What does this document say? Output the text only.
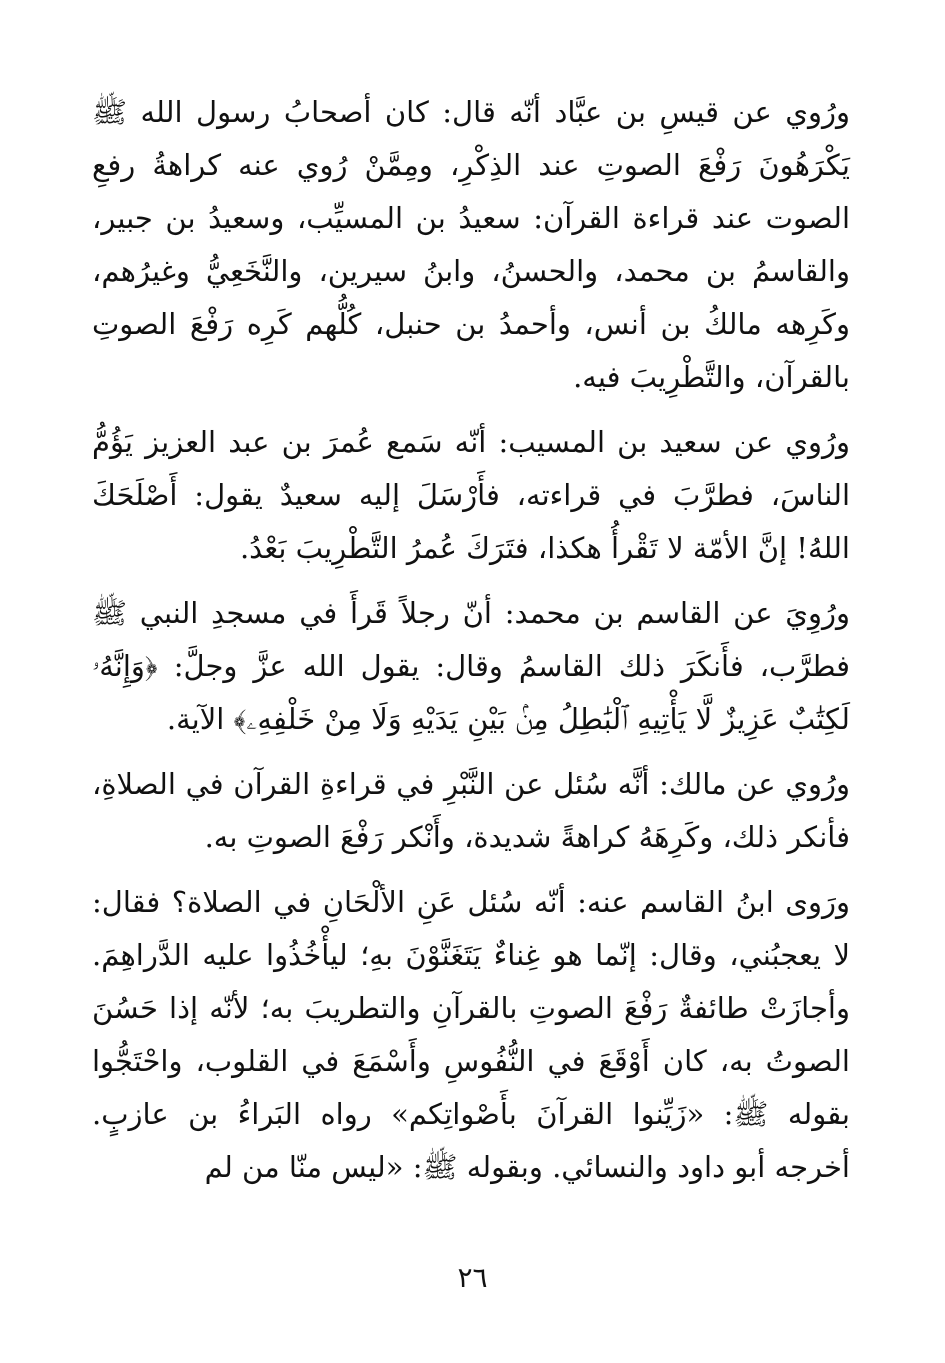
ورُوي عن قيسِ بن عبَّاد أنّه قال: كان أصحابُ رسول الله ﷺ يَكْرَهُونَ رَفْعَ الصوتِ عند الذِكْرِ، ومِمَّنْ رُوي عنه كراهةُ رفعِ الصوت عند قراءة القرآن: سعيدُ بن المسيِّب، وسعيدُ بن جبير، والقاسمُ بن محمد، والحسنُ، وابنُ سيرين، والنَّخَعِيُّ وغيرُهم، وكَرِهه مالكُ بن أنس، وأحمدُ بن حنبل، كُلُّهم كَرِه رَفْعَ الصوتِ بالقرآن، والتَّطْرِيبَ فيه.

ورُوي عن سعيد بن المسيب: أنّه سَمع عُمرَ بن عبد العزيز يَؤُمُّ الناسَ، فطرَّبَ في قراءته، فأَرْسَلَ إليه سعيدٌ يقول: أَصْلَحَكَ اللهُ! إنَّ الأمّة لا تَقْرأُ هكذا، فتَرَكَ عُمرُ التَّطْرِيبَ بَعْدُ.

ورُوِيَ عن القاسم بن محمد: أنّ رجلاً قَرأَ في مسجدِ النبي ﷺ فطرَّب، فأَنكَرَ ذلك القاسمُ وقال: يقول الله عزَّ وجلَّ: ﴿وَإِنَّهُۥ لَكِتَٰبٌ عَزِيزٌ لَّا يَأْتِيهِ ٱلْبَٰطِلُ مِنۢ بَيْنِ يَدَيْهِ وَلَا مِنْ خَلْفِهِۦ﴾ الآية.

ورُوي عن مالك: أنَّه سُئل عن النَّبْرِ في قراءةِ القرآن في الصلاةِ، فأنكر ذلك، وكَرِهَهُ كراهةً شديدة، وأَنْكر رَفْعَ الصوتِ به.

ورَوى ابنُ القاسم عنه: أنّه سُئل عَنِ الألْحَانِ في الصلاة؟ فقال: لا يعجبُني، وقال: إنّما هو غِناءٌ يَتَغَنَّوْنَ بهِ؛ ليأْخُذُوا عليه الدَّراهِمَ. وأجازَتْ طائفةٌ رَفْعَ الصوتِ بالقرآنِ والتطريبَ به؛ لأنّه إذا حَسُنَ الصوتُ به، كان أَوْقَعَ في النُّفُوسِ وأَسْمَعَ في القلوب، واحْتَجُّوا بقوله ﷺ: «زَيِّنوا القرآنَ بأَصْواتِكم» رواه البَراءُ بن عازبٍ. أخرجه أبو داود والنسائي. وبقوله ﷺ: «ليس منّا من لم

٢٦
